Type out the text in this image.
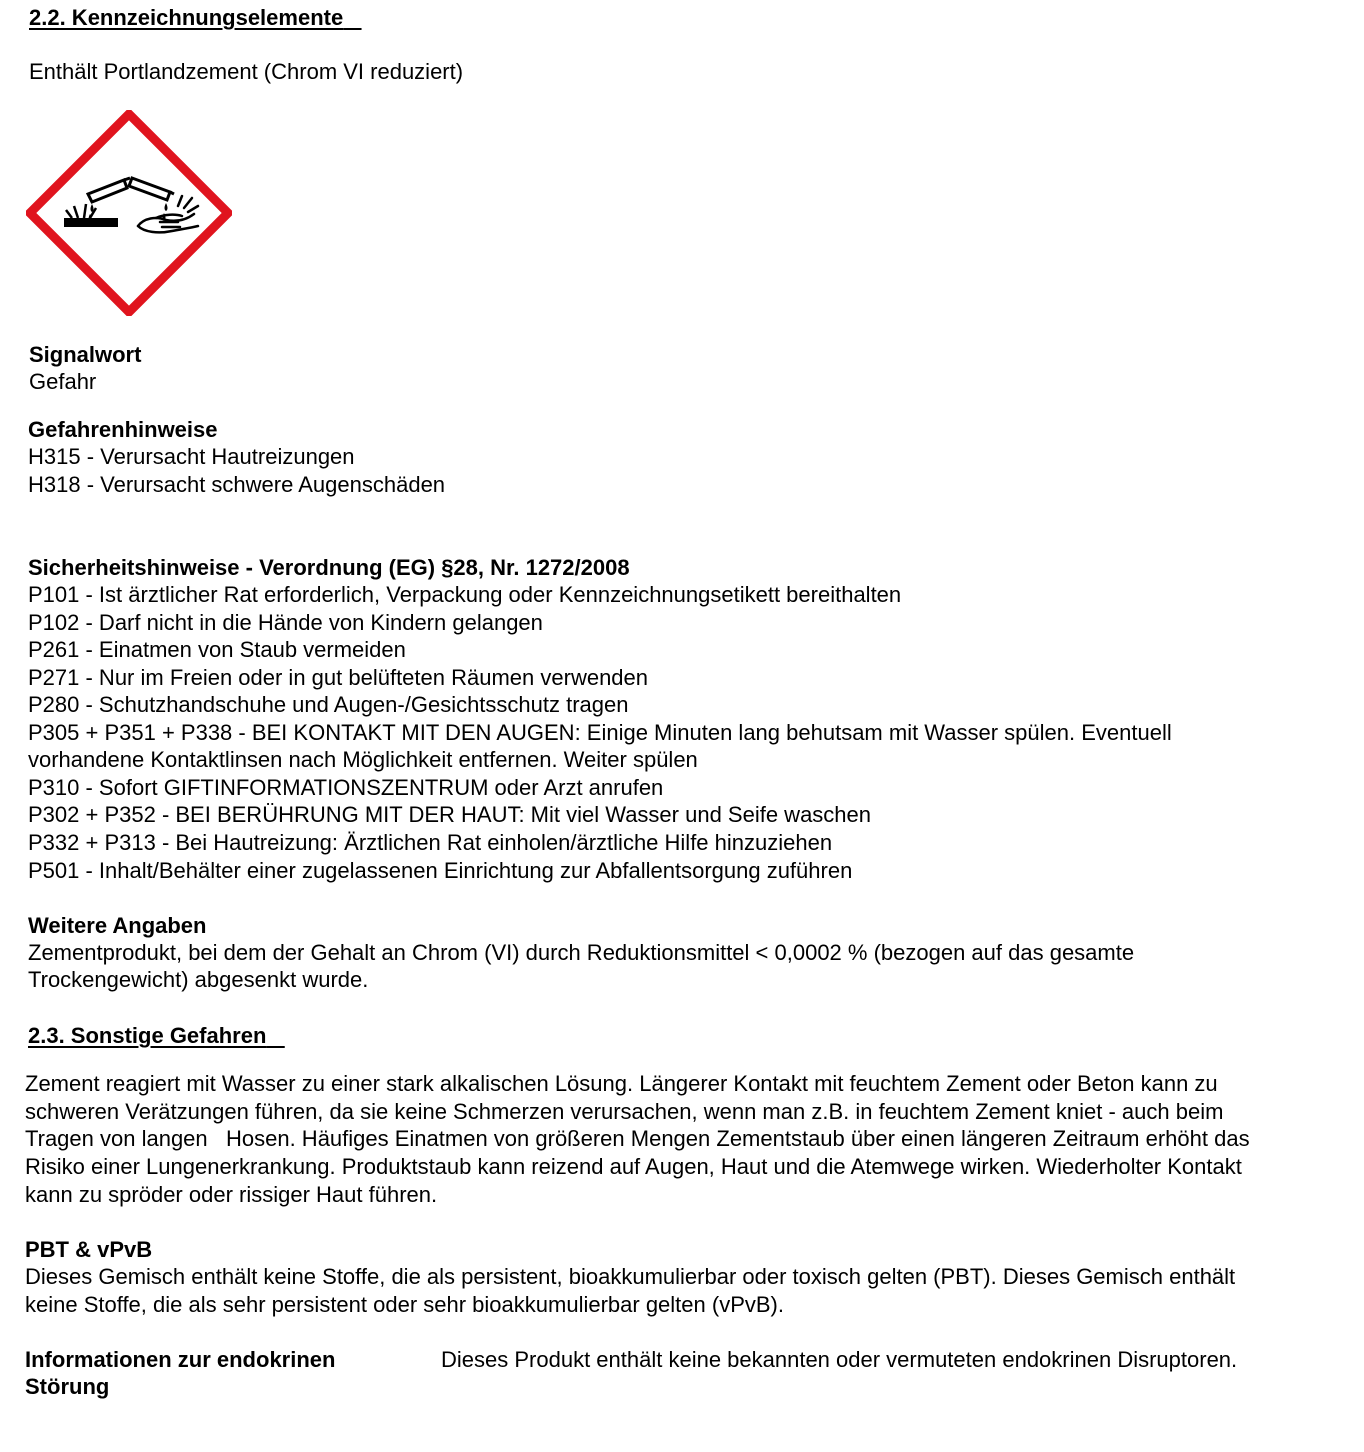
2.2. Kennzeichnungselemente
Enthält Portlandzement (Chrom VI reduziert)
Signalwort
Gefahr
Gefahrenhinweise
H315 - Verursacht Hautreizungen
H318 - Verursacht schwere Augenschäden
Sicherheitshinweise - Verordnung (EG) §28, Nr. 1272/2008
P101 - Ist ärztlicher Rat erforderlich, Verpackung oder Kennzeichnungsetikett bereithalten
P102 - Darf nicht in die Hände von Kindern gelangen
P261 - Einatmen von Staub vermeiden
P271 - Nur im Freien oder in gut belüfteten Räumen verwenden
P280 - Schutzhandschuhe und Augen-/Gesichtsschutz tragen
P305 + P351 + P338 - BEI KONTAKT MIT DEN AUGEN: Einige Minuten lang behutsam mit Wasser spülen. Eventuell
vorhandene Kontaktlinsen nach Möglichkeit entfernen. Weiter spülen
P310 - Sofort GIFTINFORMATIONSZENTRUM oder Arzt anrufen
P302 + P352 - BEI BERÜHRUNG MIT DER HAUT: Mit viel Wasser und Seife waschen
P332 + P313 - Bei Hautreizung: Ärztlichen Rat einholen/ärztliche Hilfe hinzuziehen
P501 - Inhalt/Behälter einer zugelassenen Einrichtung zur Abfallentsorgung zuführen
Weitere Angaben
Zementprodukt, bei dem der Gehalt an Chrom (VI) durch Reduktionsmittel < 0,0002 % (bezogen auf das gesamte
Trockengewicht) abgesenkt wurde.
2.3. Sonstige Gefahren
Zement reagiert mit Wasser zu einer stark alkalischen Lösung. Längerer Kontakt mit feuchtem Zement oder Beton kann zu
schweren Verätzungen führen, da sie keine Schmerzen verursachen, wenn man z.B. in feuchtem Zement kniet - auch beim
Tragen von langen   Hosen. Häufiges Einatmen von größeren Mengen Zementstaub über einen längeren Zeitraum erhöht das
Risiko einer Lungenerkrankung. Produktstaub kann reizend auf Augen, Haut und die Atemwege wirken. Wiederholter Kontakt
kann zu spröder oder rissiger Haut führen.
PBT & vPvB
Dieses Gemisch enthält keine Stoffe, die als persistent, bioakkumulierbar oder toxisch gelten (PBT). Dieses Gemisch enthält
keine Stoffe, die als sehr persistent oder sehr bioakkumulierbar gelten (vPvB).
Informationen zur endokrinen
Störung
Dieses Produkt enthält keine bekannten oder vermuteten endokrinen Disruptoren.
